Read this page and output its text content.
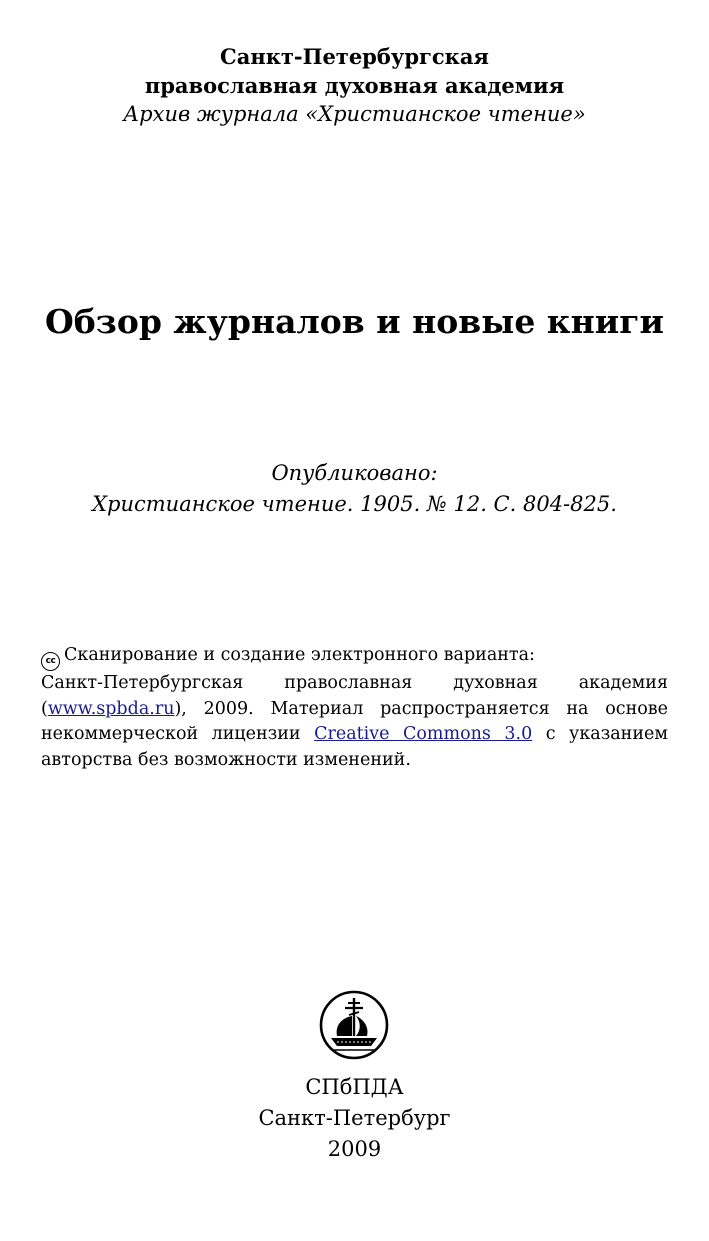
Санкт-Петербургская
православная духовная академия
Архив журнала «Христианское чтение»
Обзор журналов и новые книги
Опубликовано:
Христианское чтение. 1905. № 12. С. 804-825.
cc Сканирование и создание электронного варианта:
Санкт-Петербургская православная духовная академия (www.spbda.ru), 2009. Материал распространяется на основе некоммерческой лицензии Creative Commons 3.0 с указанием авторства без возможности изменений.
СПбПДА
Санкт-Петербург
2009
